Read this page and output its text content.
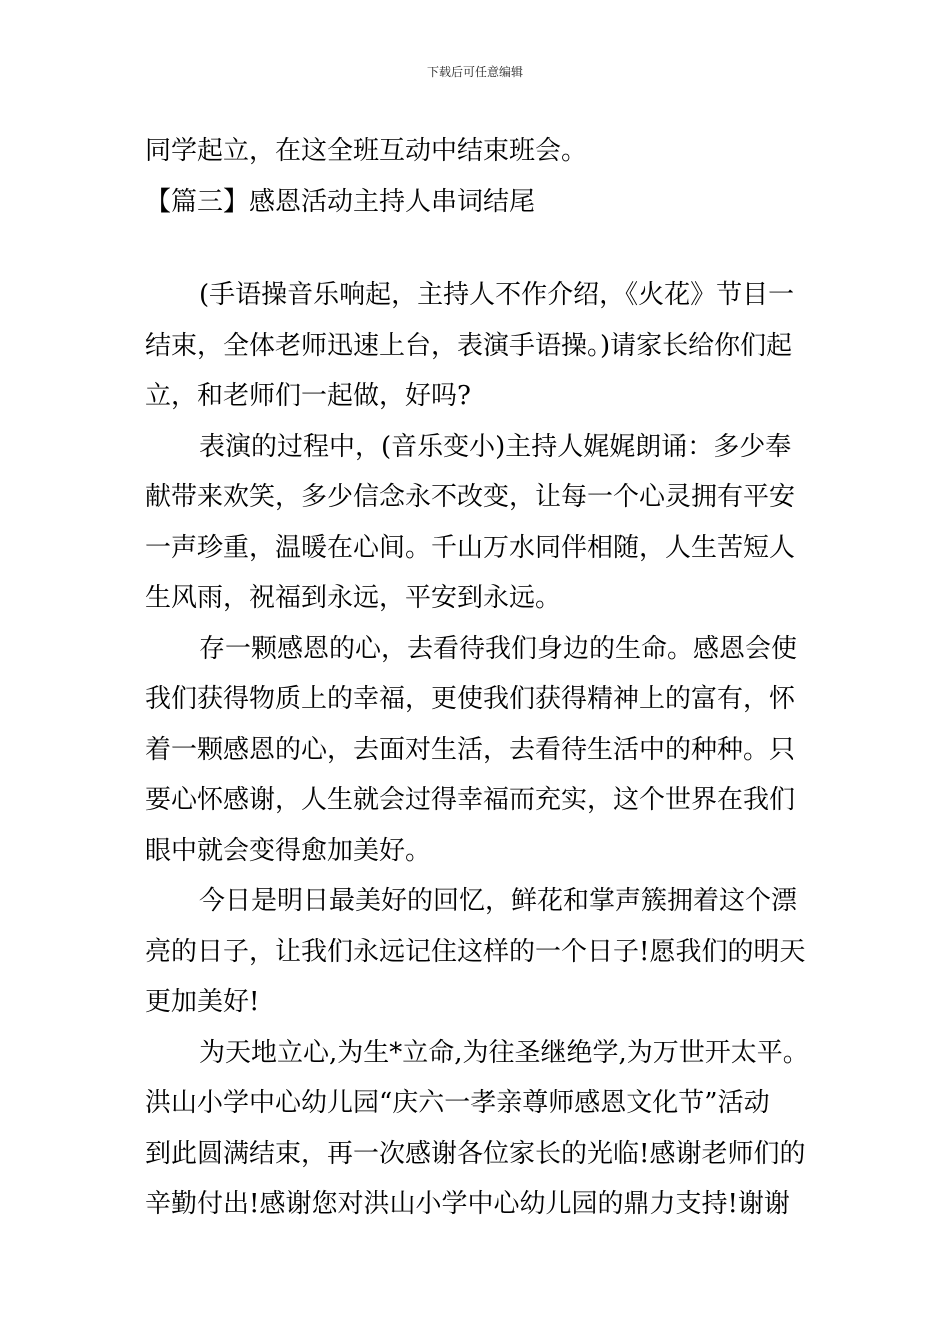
下载后可任意编辑
同学起立，在这全班互动中结束班会。
【篇三】感恩活动主持人串词结尾
(手语操音乐响起，主持人不作介绍，《火花》节目一
结束，全体老师迅速上台，表演手语操。)请家长给你们起
立，和老师们一起做，好吗?
表演的过程中，(音乐变小)主持人娓娓朗诵：多少奉
献带来欢笑，多少信念永不改变，让每一个心灵拥有平安
一声珍重，温暖在心间。千山万水同伴相随，人生苦短人
生风雨，祝福到永远，平安到永远。
存一颗感恩的心，去看待我们身边的生命。感恩会使
我们获得物质上的幸福，更使我们获得精神上的富有，怀
着一颗感恩的心，去面对生活，去看待生活中的种种。只
要心怀感谢，人生就会过得幸福而充实，这个世界在我们
眼中就会变得愈加美好。
今日是明日最美好的回忆，鲜花和掌声簇拥着这个漂
亮的日子，让我们永远记住这样的一个日子!愿我们的明天
更加美好!
为天地立心,为生*立命,为往圣继绝学,为万世开太平。
洪山小学中心幼儿园“庆六一孝亲尊师感恩文化节”活动
到此圆满结束，再一次感谢各位家长的光临!感谢老师们的
辛勤付出!感谢您对洪山小学中心幼儿园的鼎力支持!谢谢
